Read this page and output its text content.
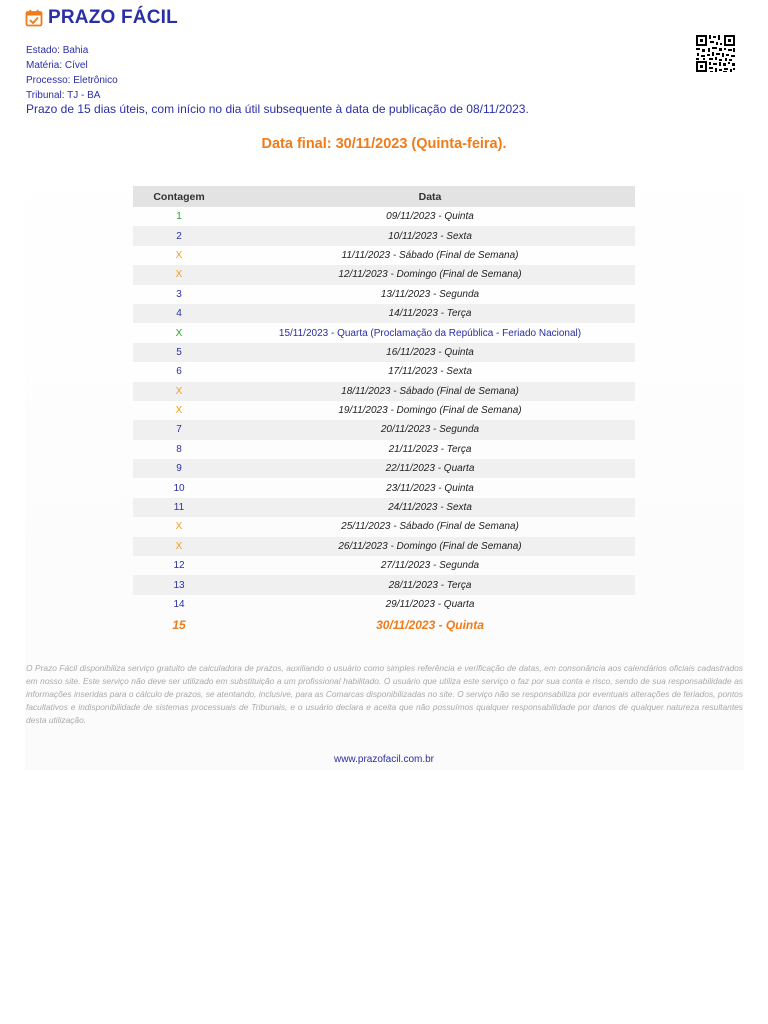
PRAZO FÁCIL
Estado: Bahia
Matéria: Cível
Processo: Eletrônico
Tribunal: TJ - BA
Prazo de 15 dias úteis, com início no dia útil subsequente à data de publicação de 08/11/2023.
Data final: 30/11/2023 (Quinta-feira).
Contagem	Data
1	09/11/2023 - Quinta
2	10/11/2023 - Sexta
X	11/11/2023 - Sábado (Final de Semana)
X	12/11/2023 - Domingo (Final de Semana)
3	13/11/2023 - Segunda
4	14/11/2023 - Terça
X	15/11/2023 - Quarta (Proclamação da República - Feriado Nacional)
5	16/11/2023 - Quinta
6	17/11/2023 - Sexta
X	18/11/2023 - Sábado (Final de Semana)
X	19/11/2023 - Domingo (Final de Semana)
7	20/11/2023 - Segunda
8	21/11/2023 - Terça
9	22/11/2023 - Quarta
10	23/11/2023 - Quinta
11	24/11/2023 - Sexta
X	25/11/2023 - Sábado (Final de Semana)
X	26/11/2023 - Domingo (Final de Semana)
12	27/11/2023 - Segunda
13	28/11/2023 - Terça
14	29/11/2023 - Quarta
15	30/11/2023 - Quinta
O Prazo Fácil disponibiliza serviço gratuito de calculadora de prazos, auxiliando o usuário como simples referência e verificação de datas, em consonância aos calendários oficiais cadastrados em nosso site. Este serviço não deve ser utilizado em substituição a um profissional habilitado. O usuário que utiliza este serviço o faz por sua conta e risco, sendo de sua responsabilidade as informações inseridas para o cálculo de prazos, se atentando, inclusive, para as Comarcas disponibilizadas no site. O serviço não se responsabiliza por eventuais alterações de feriados, pontos facultativos e indisponibilidade de sistemas processuais de Tribunais, e o usuário declara e aceita que não possuímos qualquer responsabilidade por danos de qualquer natureza resultantes desta utilização.
www.prazofacil.com.br
